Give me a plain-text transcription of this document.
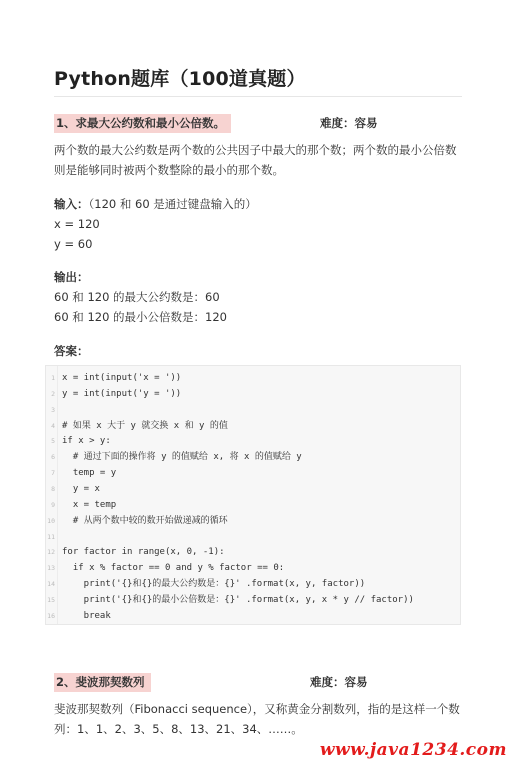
Python题库（100道真题）
1、求最大公约数和最小公倍数。	难度：容易
两个数的最大公约数是两个数的公共因子中最大的那个数；两个数的最小公倍数
则是能够同时被两个数整除的最小的那个数。
输入：（120 和 60 是通过键盘输入的）
x = 120
y = 60
输出：
60 和 120 的最大公约数是：60
60 和 120 的最小公倍数是：120
答案：
1 x = int(input('x = '))
2 y = int(input('y = '))
3
4 # 如果 x 大于 y 就交换 x 和 y 的值
5 if x > y:
6 # 通过下面的操作将 y 的值赋给 x, 将 x 的值赋给 y
7 temp = y
8 y = x
9 x = temp
10 # 从两个数中较的数开始做递减的循环
11
12 for factor in range(x, 0, -1):
13 if x % factor == 0 and y % factor == 0:
14 print('{}和{}的最大公约数是：{}' .format(x, y, factor))
15 print('{}和{}的最小公倍数是：{}' .format(x, y, x * y // factor))
16 break
2、斐波那契数列	难度：容易
斐波那契数列（Fibonacci sequence），又称黄金分割数列，指的是这样一个数
列：1、1、2、3、5、8、13、21、34、……。
www.java1234.com
